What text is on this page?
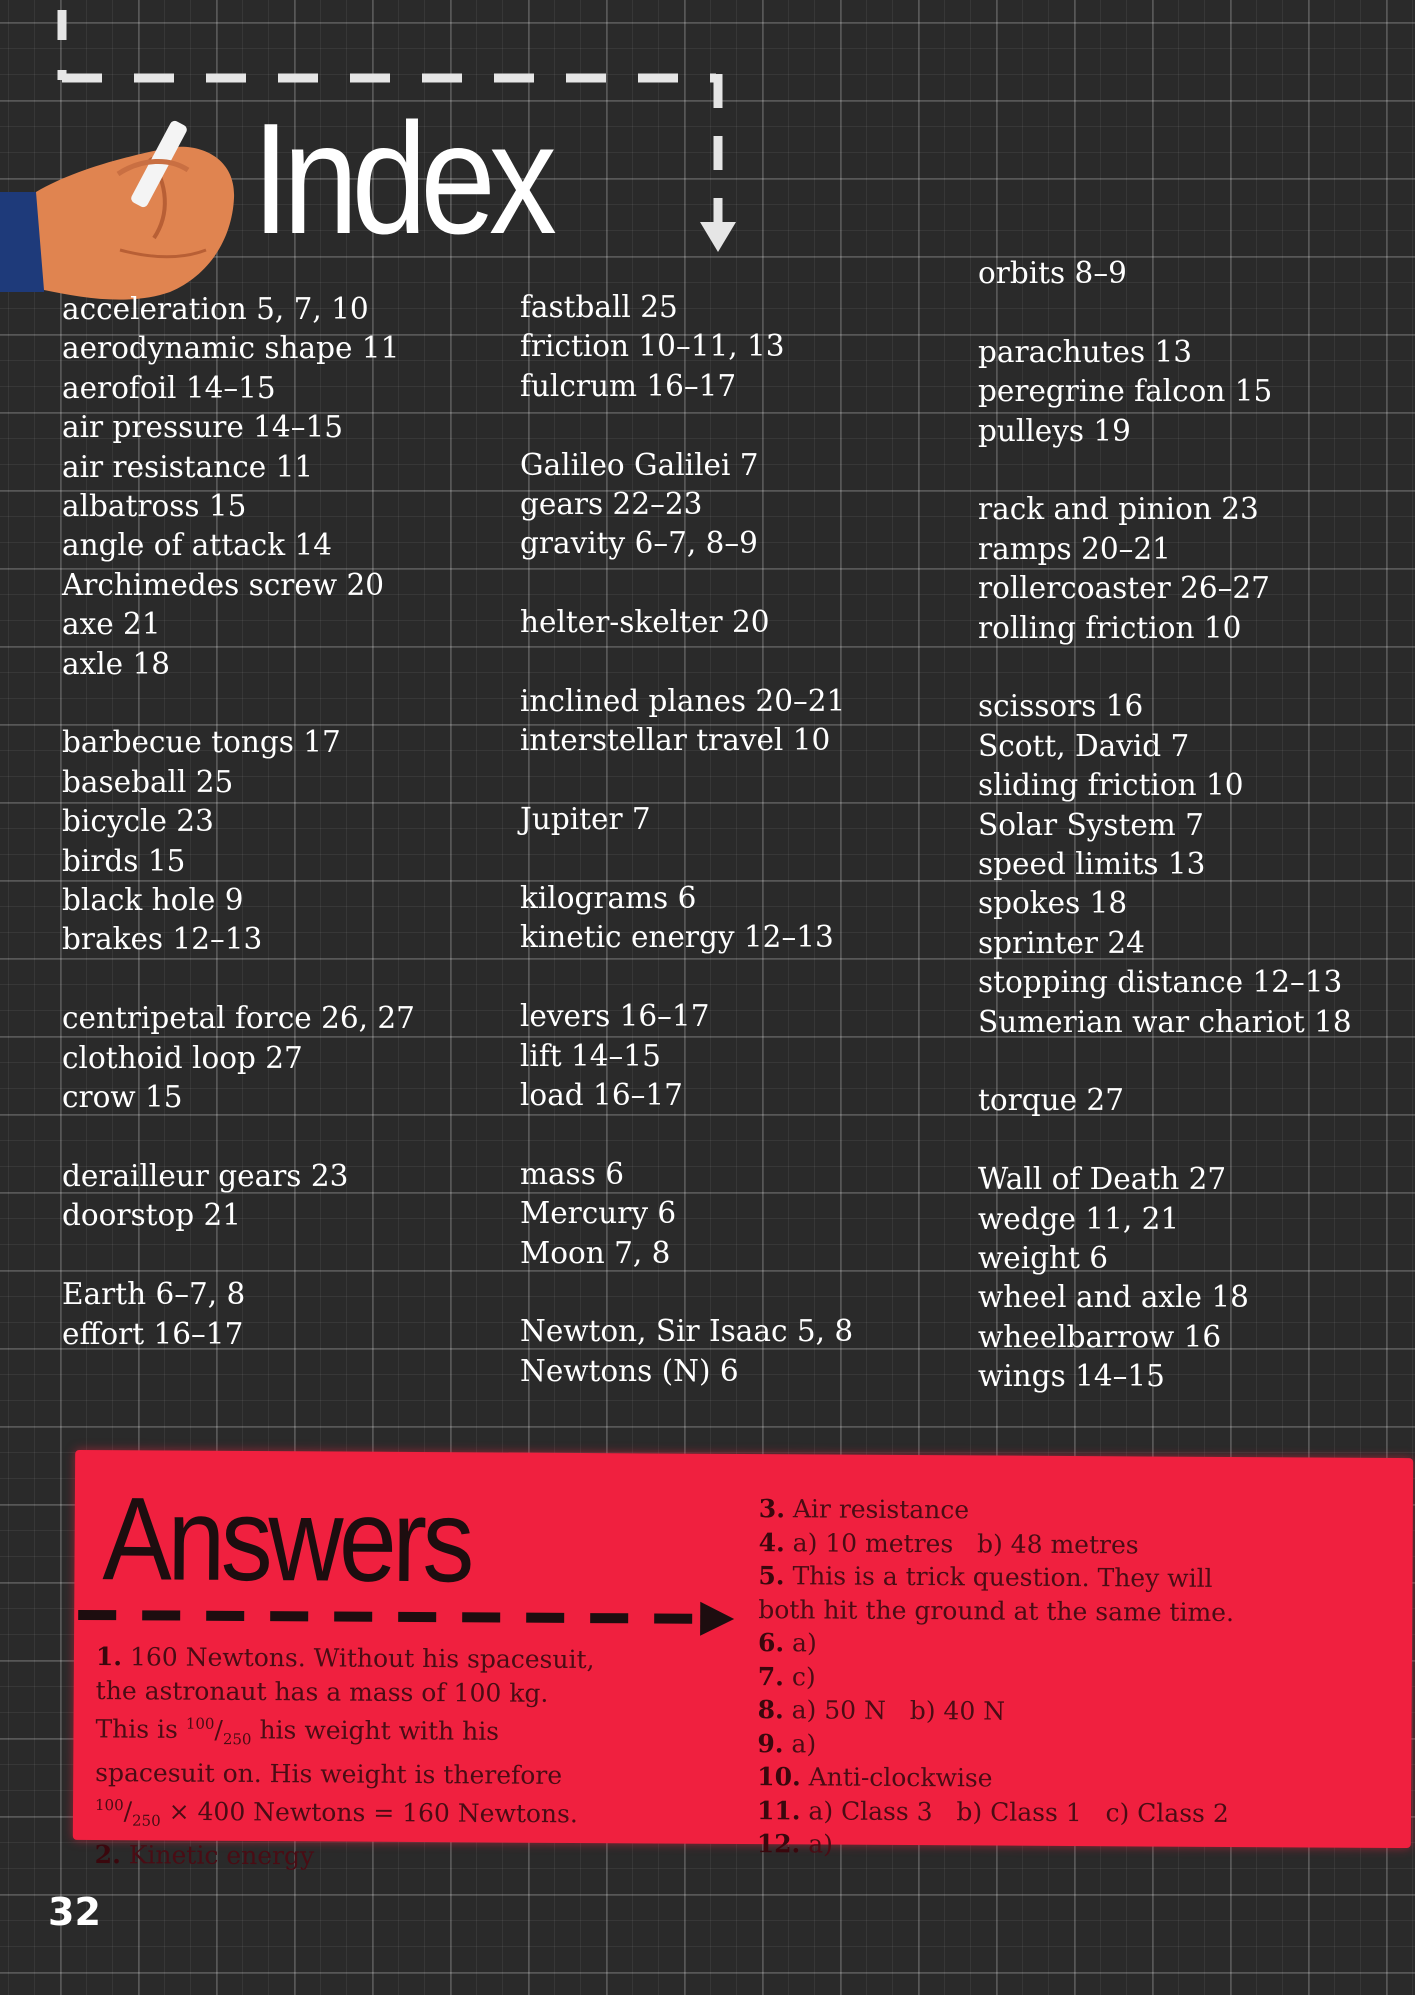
Index
acceleration 5, 7, 10
aerodynamic shape 11
aerofoil 14–15
air pressure 14–15
air resistance 11
albatross 15
angle of attack 14
Archimedes screw 20
axe 21
axle 18
barbecue tongs 17
baseball 25
bicycle 23
birds 15
black hole 9
brakes 12–13
centripetal force 26, 27
clothoid loop 27
crow 15
derailleur gears 23
doorstop 21
Earth 6–7, 8
effort 16–17
fastball 25
friction 10–11, 13
fulcrum 16–17
Galileo Galilei 7
gears 22–23
gravity 6–7, 8–9
helter-skelter 20
inclined planes 20–21
interstellar travel 10
Jupiter 7
kilograms 6
kinetic energy 12–13
levers 16–17
lift 14–15
load 16–17
mass 6
Mercury 6
Moon 7, 8
Newton, Sir Isaac 5, 8
Newtons (N) 6
orbits 8–9
parachutes 13
peregrine falcon 15
pulleys 19
rack and pinion 23
ramps 20–21
rollercoaster 26–27
rolling friction 10
scissors 16
Scott, David 7
sliding friction 10
Solar System 7
speed limits 13
spokes 18
sprinter 24
stopping distance 12–13
Sumerian war chariot 18
torque 27
Wall of Death 27
wedge 11, 21
weight 6
wheel and axle 18
wheelbarrow 16
wings 14–15
Answers
1. 160 Newtons. Without his spacesuit,
the astronaut has a mass of 100 kg.
This is $^{100}/_{250}$ his weight with his
spacesuit on. His weight is therefore
$^{100}/_{250} \times 400$ Newtons = 160 Newtons.
2. Kinetic energy
3. Air resistance
4. a) 10 metres   b) 48 metres
5. This is a trick question. They will
both hit the ground at the same time.
6. a)
7. c)
8. a) 50 N   b) 40 N
9. a)
10. Anti-clockwise
11. a) Class 3   b) Class 1   c) Class 2
12. a)
32
